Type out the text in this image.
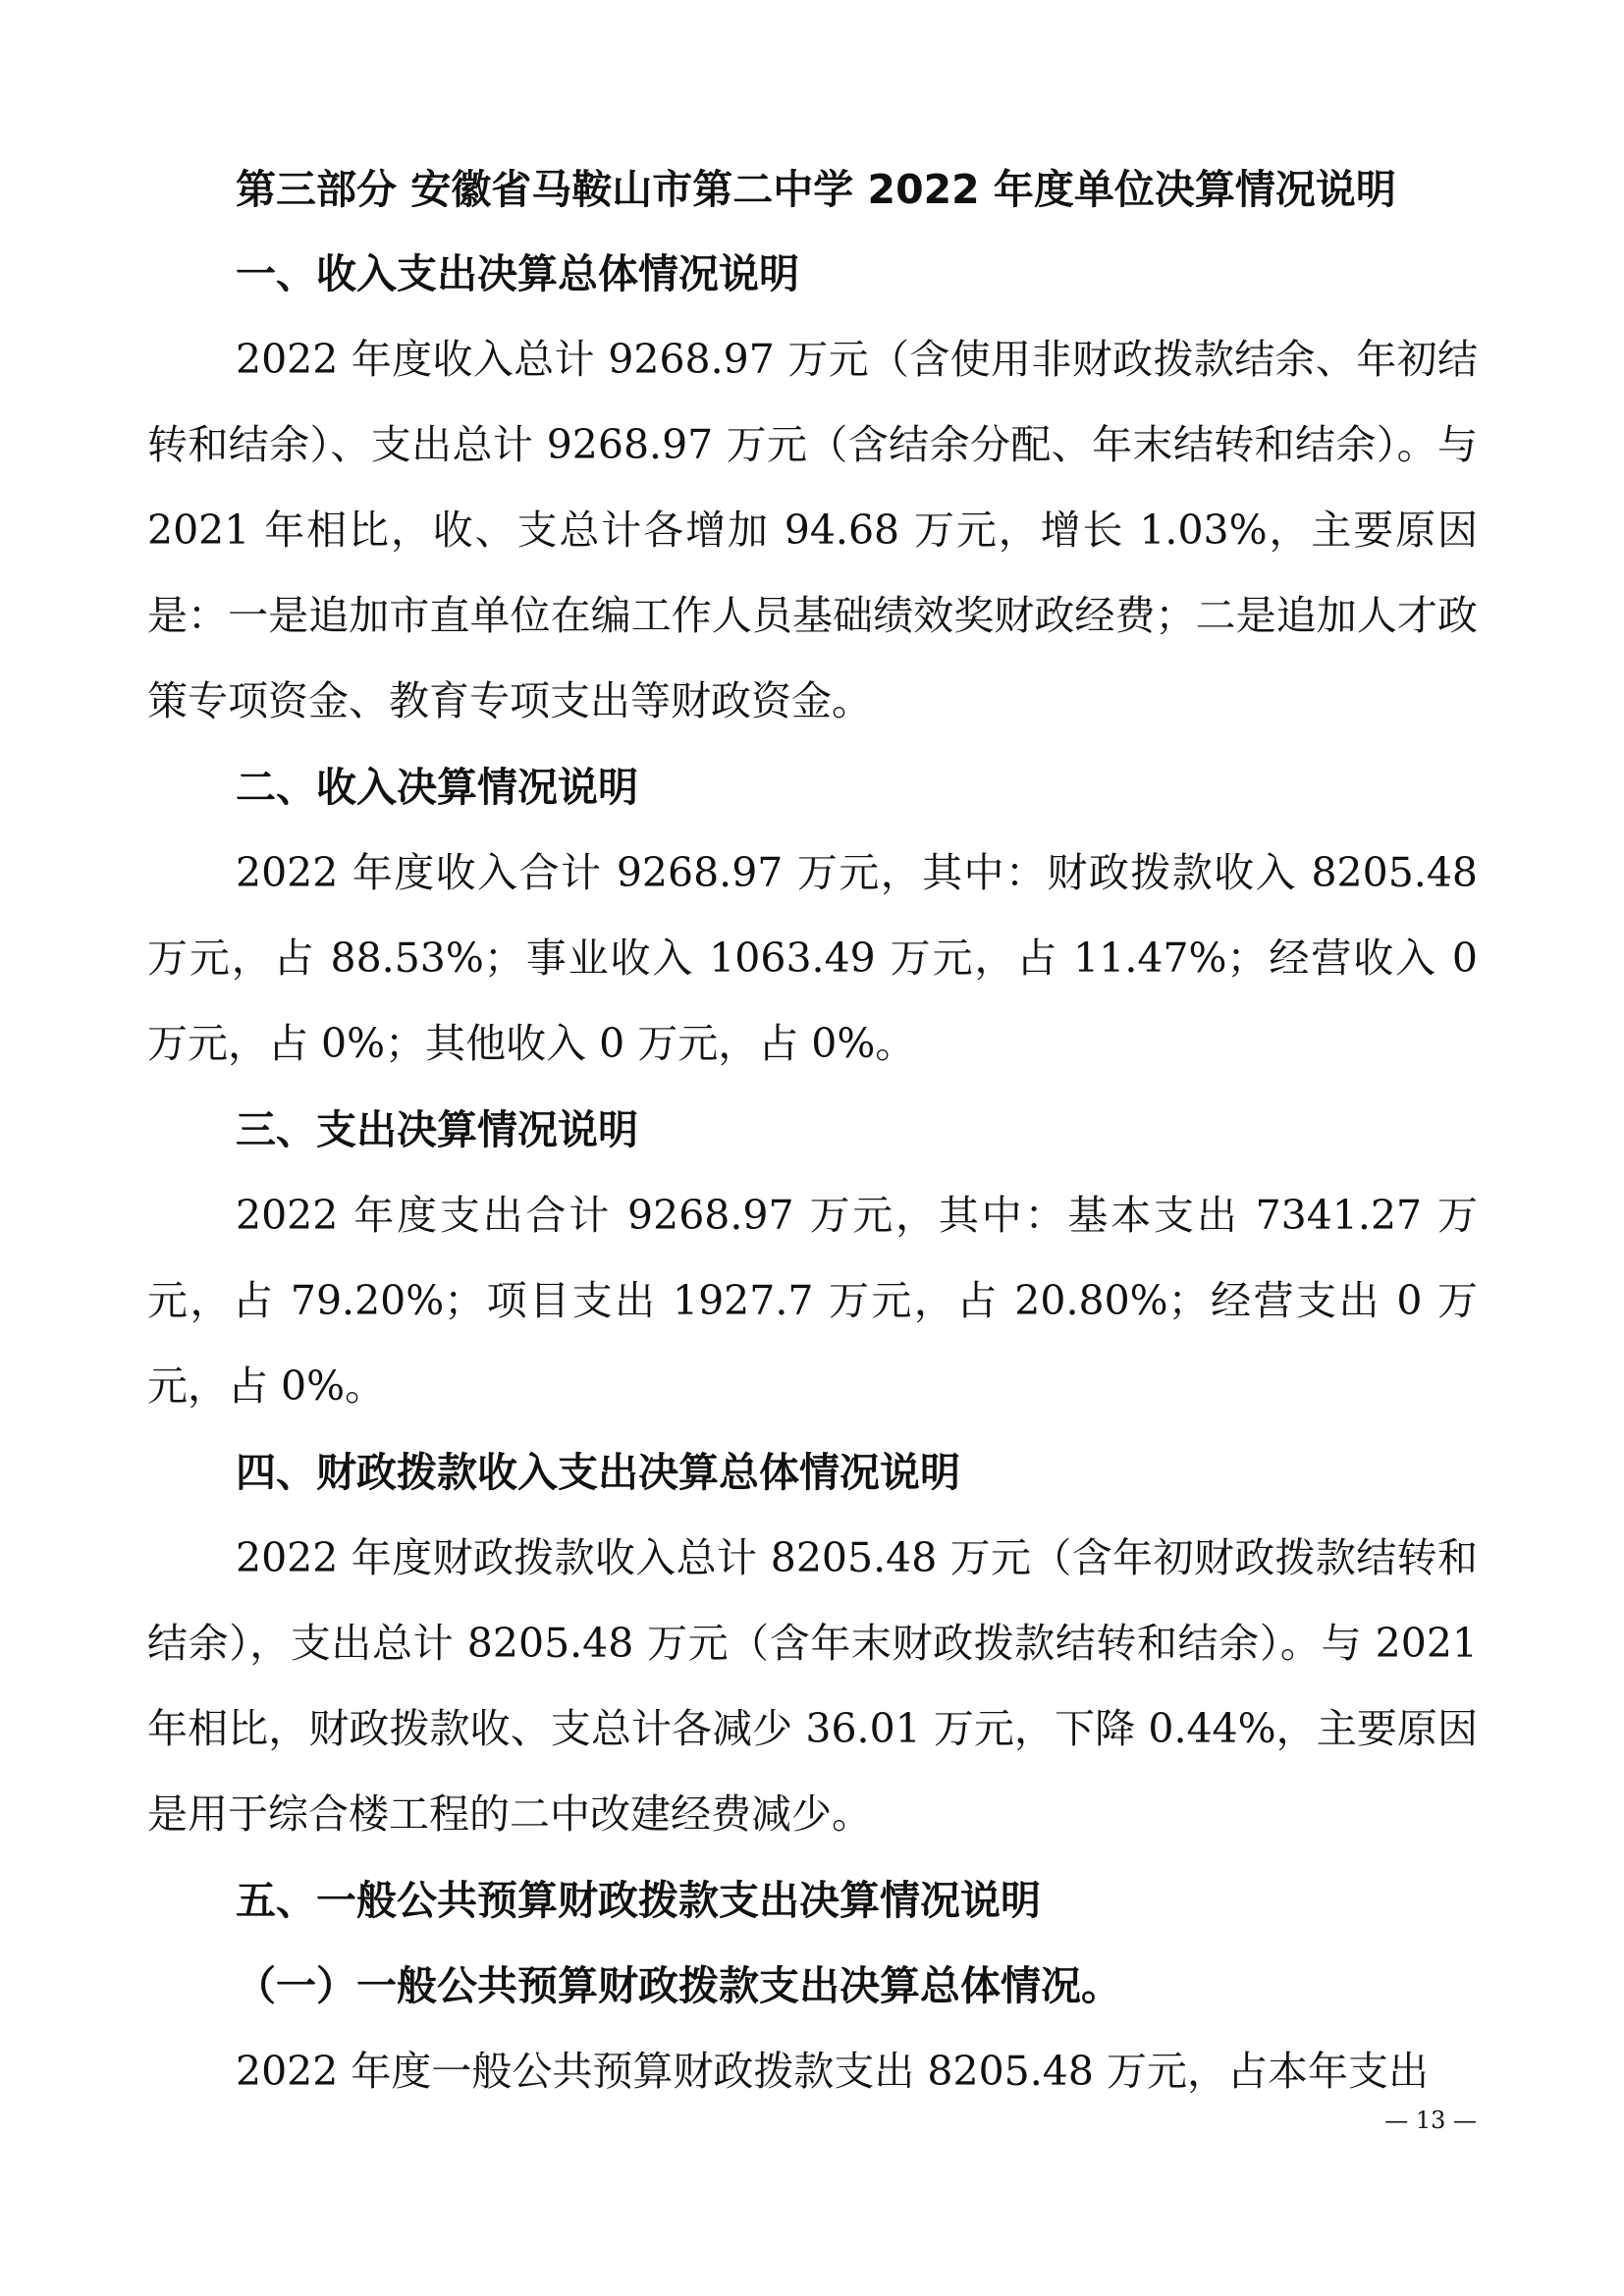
第三部分 安徽省马鞍山市第二中学 2022 年度单位决算情况说明
一、收入支出决算总体情况说明

2022 年度收入总计 9268.97 万元（含使用非财政拨款结余、年初结转和结余）、支出总计 9268.97 万元（含结余分配、年末结转和结余）。与 2021 年相比，收、支总计各增加 94.68 万元，增长 1.03%，主要原因是：一是追加市直单位在编工作人员基础绩效奖财政经费；二是追加人才政策专项资金、教育专项支出等财政资金。

二、收入决算情况说明

2022 年度收入合计 9268.97 万元，其中：财政拨款收入 8205.48 万元，占 88.53%；事业收入 1063.49 万元，占 11.47%；经营收入 0 万元，占 0%；其他收入 0 万元，占 0%。

三、支出决算情况说明

2022 年度支出合计 9268.97 万元，其中：基本支出 7341.27 万元，占 79.20%；项目支出 1927.7 万元，占 20.80%；经营支出 0 万元，占 0%。

四、财政拨款收入支出决算总体情况说明

2022 年度财政拨款收入总计 8205.48 万元（含年初财政拨款结转和结余），支出总计 8205.48 万元（含年末财政拨款结转和结余）。与 2021 年相比，财政拨款收、支总计各减少 36.01 万元，下降 0.44%，主要原因是用于综合楼工程的二中改建经费减少。

五、一般公共预算财政拨款支出决算情况说明
（一）一般公共预算财政拨款支出决算总体情况。

2022 年度一般公共预算财政拨款支出 8205.48 万元，占本年支出

— 13 —
